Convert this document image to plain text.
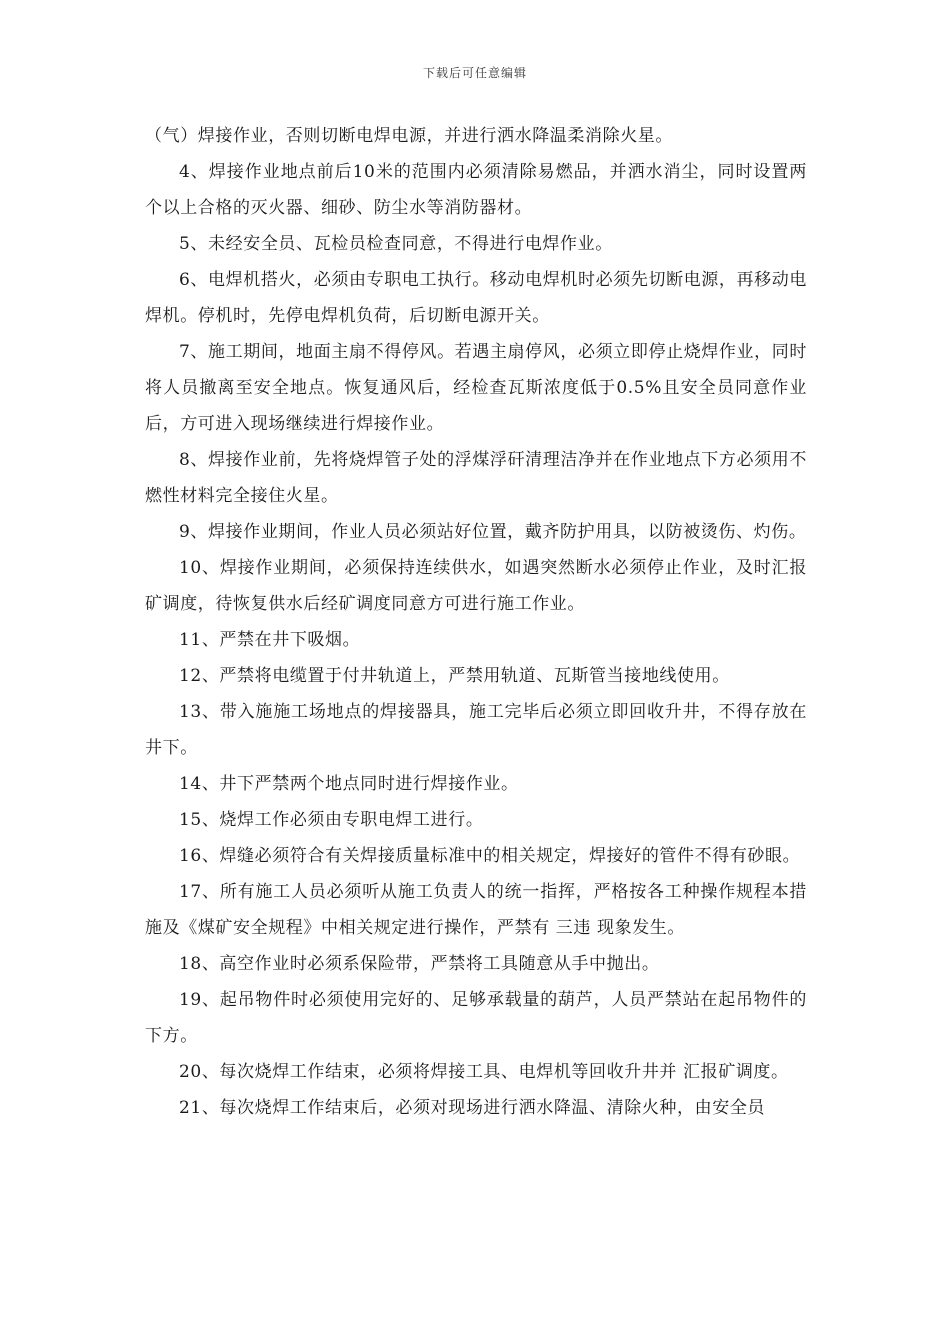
下载后可任意编辑

（气）焊接作业，否则切断电焊电源，并进行洒水降温柔消除火星。

4、焊接作业地点前后10米的范围内必须清除易燃品，并洒水消尘，同时设置两个以上合格的灭火器、细砂、防尘水等消防器材。

5、未经安全员、瓦检员检查同意，不得进行电焊作业。

6、电焊机搭火，必须由专职电工执行。移动电焊机时必须先切断电源，再移动电焊机。停机时，先停电焊机负荷，后切断电源开关。

7、施工期间，地面主扇不得停风。若遇主扇停风，必须立即停止烧焊作业，同时将人员撤离至安全地点。恢复通风后，经检查瓦斯浓度低于0.5%且安全员同意作业后，方可进入现场继续进行焊接作业。

8、焊接作业前，先将烧焊管子处的浮煤浮矸清理洁净并在作业地点下方必须用不燃性材料完全接住火星。

9、焊接作业期间，作业人员必须站好位置，戴齐防护用具，以防被烫伤、灼伤。

10、焊接作业期间，必须保持连续供水，如遇突然断水必须停止作业，及时汇报矿调度，待恢复供水后经矿调度同意方可进行施工作业。

11、严禁在井下吸烟。

12、严禁将电缆置于付井轨道上，严禁用轨道、瓦斯管当接地线使用。

13、带入施施工场地点的焊接器具，施工完毕后必须立即回收升井，不得存放在井下。

14、井下严禁两个地点同时进行焊接作业。

15、烧焊工作必须由专职电焊工进行。

16、焊缝必须符合有关焊接质量标准中的相关规定，焊接好的管件不得有砂眼。

17、所有施工人员必须听从施工负责人的统一指挥，严格按各工种操作规程本措施及《煤矿安全规程》中相关规定进行操作，严禁有 三违 现象发生。

18、高空作业时必须系保险带，严禁将工具随意从手中抛出。

19、起吊物件时必须使用完好的、足够承载量的葫芦，人员严禁站在起吊物件的下方。

20、每次烧焊工作结束，必须将焊接工具、电焊机等回收升井并 汇报矿调度。

21、每次烧焊工作结束后，必须对现场进行洒水降温、清除火种，由安全员
